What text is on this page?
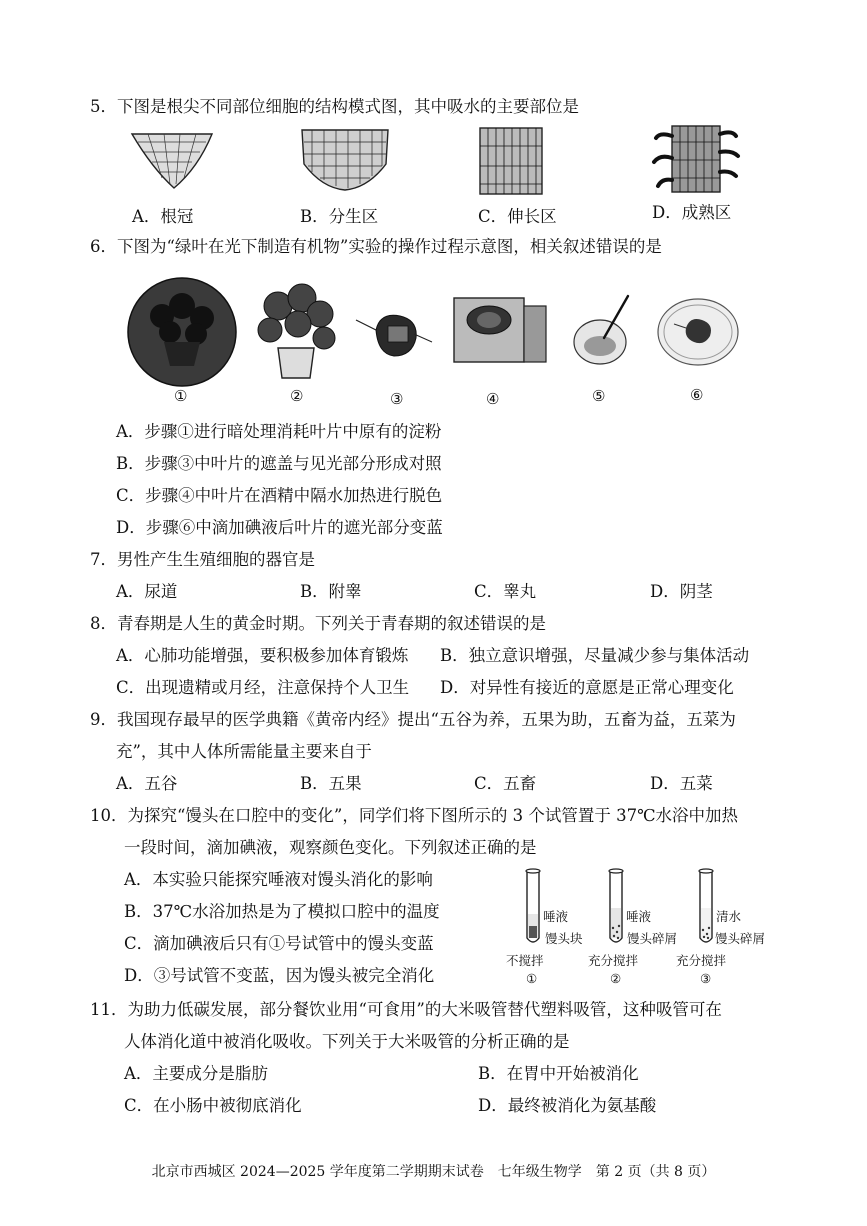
5．下图是根尖不同部位细胞的结构模式图，其中吸水的主要部位是
A．根冠	B．分生区	C．伸长区	D．成熟区
6．下图为“绿叶在光下制造有机物”实验的操作过程示意图，相关叙述错误的是
①	②	③	④	⑤	⑥
A．步骤①进行暗处理消耗叶片中原有的淀粉
B．步骤③中叶片的遮盖与见光部分形成对照
C．步骤④中叶片在酒精中隔水加热进行脱色
D．步骤⑥中滴加碘液后叶片的遮光部分变蓝
7．男性产生生殖细胞的器官是
A．尿道	B．附睾	C．睾丸	D．阴茎
8．青春期是人生的黄金时期。下列关于青春期的叙述错误的是
A．心肺功能增强，要积极参加体育锻炼 B．独立意识增强，尽量减少参与集体活动
C．出现遗精或月经，注意保持个人卫生 D．对异性有接近的意愿是正常心理变化
9．我国现存最早的医学典籍《黄帝内经》提出“五谷为养，五果为助，五畜为益，五菜为
充”，其中人体所需能量主要来自于
A．五谷	B．五果	C．五畜	D．五菜
10．为探究“馒头在口腔中的变化”，同学们将下图所示的 3 个试管置于 37℃水浴中加热
一段时间，滴加碘液，观察颜色变化。下列叙述正确的是
A．本实验只能探究唾液对馒头消化的影响
B．37℃水浴加热是为了模拟口腔中的温度
C．滴加碘液后只有①号试管中的馒头变蓝
D．③号试管不变蓝，因为馒头被完全消化
唾液
馒头块
不搅拌
①
唾液
馒头碎屑
充分搅拌
②
清水
馒头碎屑
充分搅拌
③
11．为助力低碳发展，部分餐饮业用“可食用”的大米吸管替代塑料吸管，这种吸管可在
人体消化道中被消化吸收。下列关于大米吸管的分析正确的是
A．主要成分是脂肪	B．在胃中开始被消化
C．在小肠中被彻底消化	D．最终被消化为氨基酸
北京市西城区 2024—2025 学年度第二学期期末试卷　七年级生物学　第 2 页（共 8 页）
